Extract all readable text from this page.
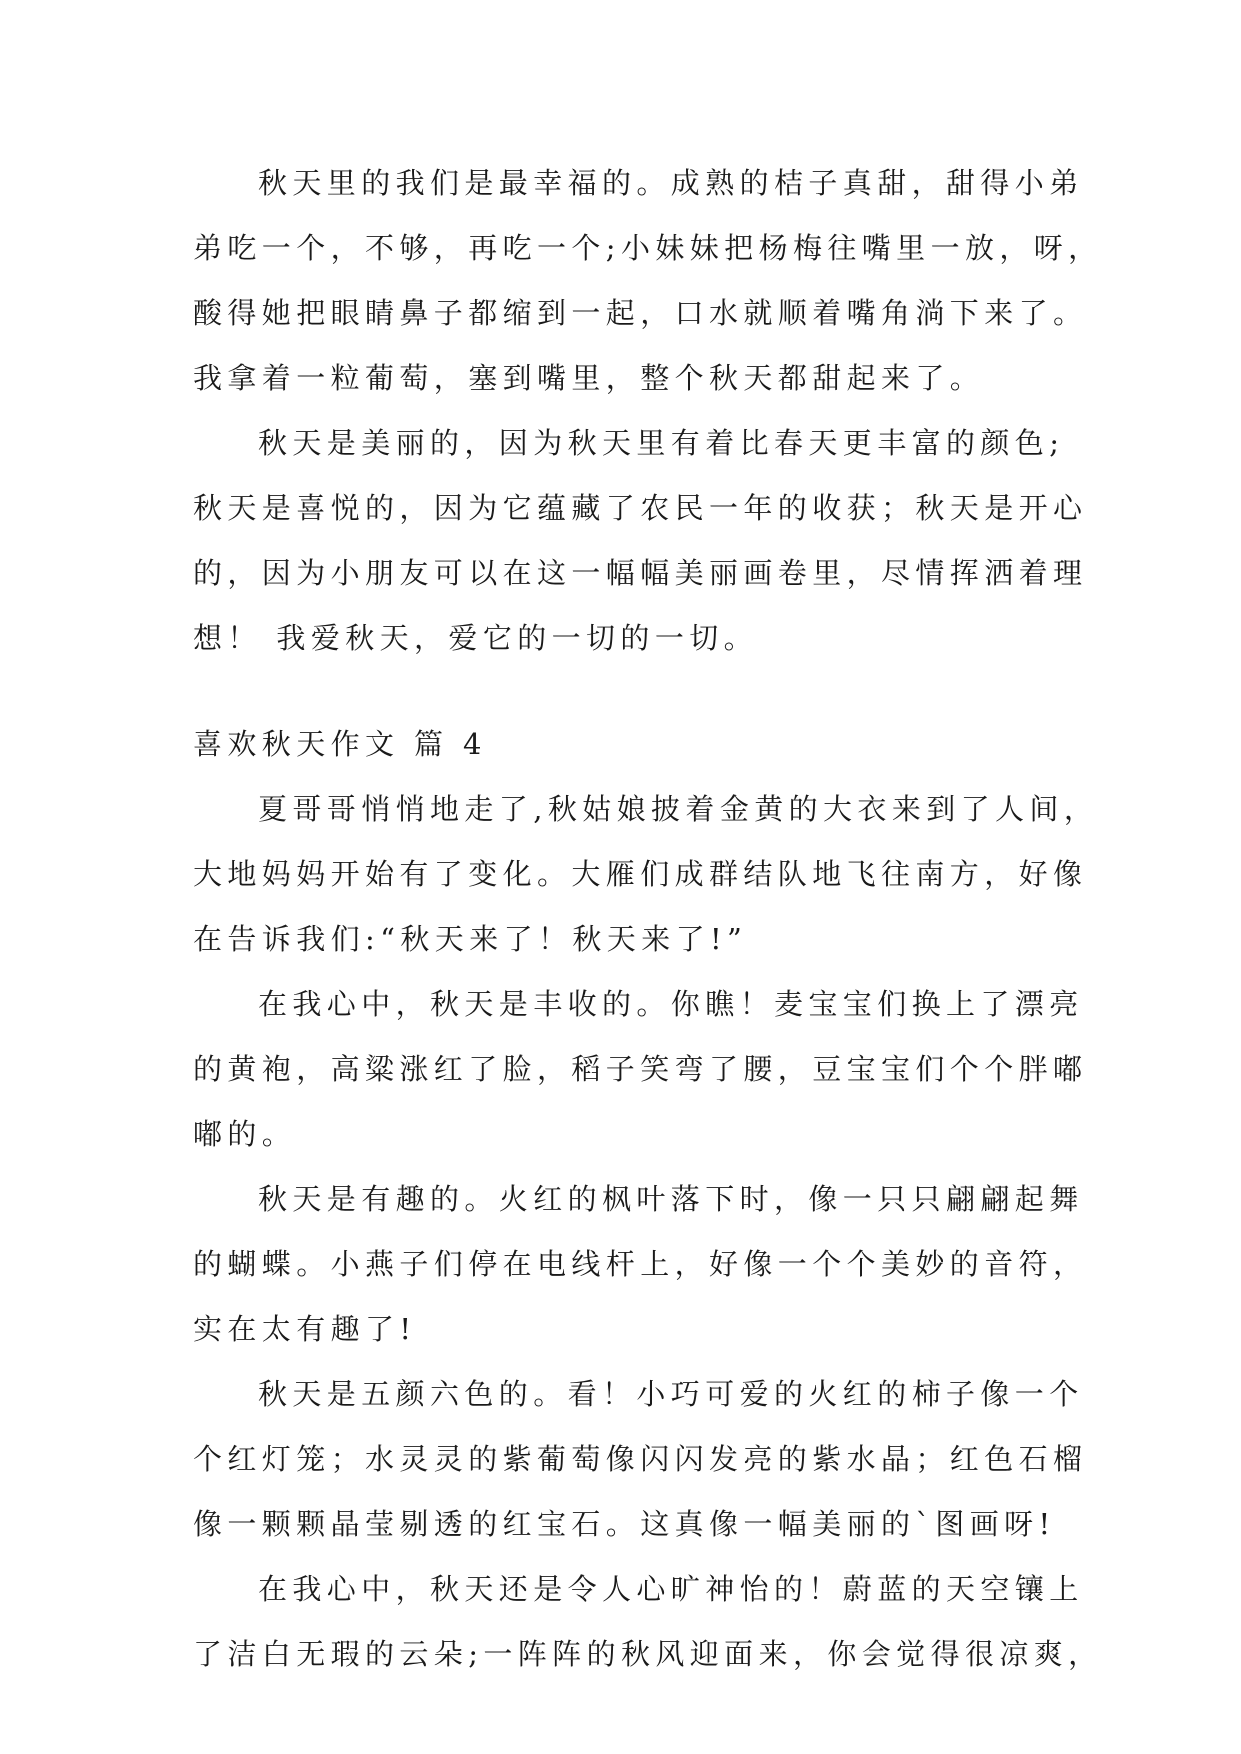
秋天里的我们是最幸福的。成熟的桔子真甜，甜得小弟
弟吃一个，不够，再吃一个;小妹妹把杨梅往嘴里一放，呀，
酸得她把眼睛鼻子都缩到一起，口水就顺着嘴角淌下来了。
我拿着一粒葡萄，塞到嘴里，整个秋天都甜起来了。
秋天是美丽的，因为秋天里有着比春天更丰富的颜色;
秋天是喜悦的，因为它蕴藏了农民一年的收获；秋天是开心
的，因为小朋友可以在这一幅幅美丽画卷里，尽情挥洒着理
想！ 我爱秋天，爱它的一切的一切。
喜欢秋天作文 篇 4
夏哥哥悄悄地走了,秋姑娘披着金黄的大衣来到了人间，
大地妈妈开始有了变化。大雁们成群结队地飞往南方，好像
在告诉我们:“秋天来了！秋天来了!”
在我心中，秋天是丰收的。你瞧！麦宝宝们换上了漂亮
的黄袍，高粱涨红了脸，稻子笑弯了腰，豆宝宝们个个胖嘟
嘟的。
秋天是有趣的。火红的枫叶落下时，像一只只翩翩起舞
的蝴蝶。小燕子们停在电线杆上，好像一个个美妙的音符，
实在太有趣了!
秋天是五颜六色的。看！小巧可爱的火红的柿子像一个
个红灯笼；水灵灵的紫葡萄像闪闪发亮的紫水晶；红色石榴
像一颗颗晶莹剔透的红宝石。这真像一幅美丽的`图画呀!
在我心中，秋天还是令人心旷神怡的！蔚蓝的天空镶上
了洁白无瑕的云朵;一阵阵的秋风迎面来，你会觉得很凉爽，
